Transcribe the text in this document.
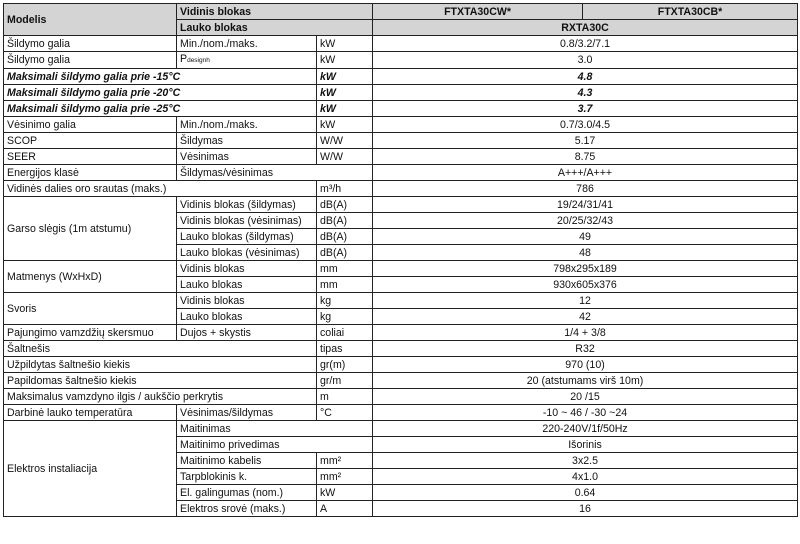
Modelis	Vidinis blokas		FTXTA30CW*	FTXTA30CB*
	Lauko blokas		RXTA30C	
Šildymo galia	Min./nom./maks.	kW	0.8/3.2/7.1	
Šildymo galia	Pdesignh	kW	3.0	
Maksimali šildymo galia prie -15°C		kW	4.8	
Maksimali šildymo galia prie -20°C		kW	4.3	
Maksimali šildymo galia prie -25°C		kW	3.7	
Vėsinimo galia	Min./nom./maks.	kW	0.7/3.0/4.5	
SCOP	Šildymas	W/W	5.17	
SEER	Vėsinimas	W/W	8.75	
Energijos klasė	Šildymas/vėsinimas		A+++/A+++	
Vidinės dalies oro srautas (maks.)		m³/h	786	
Garso slėgis (1m atstumu)	Vidinis blokas (šildymas)	dB(A)	19/24/31/41	
	Vidinis blokas (vėsinimas)	dB(A)	20/25/32/43	
	Lauko blokas (šildymas)	dB(A)	49	
	Lauko blokas (vėsinimas)	dB(A)	48	
Matmenys (WxHxD)	Vidinis blokas	mm	798x295x189	
	Lauko blokas	mm	930x605x376	
Svoris	Vidinis blokas	kg	12	
	Lauko blokas	kg	42	
Pajungimo vamzdžių skersmuo	Dujos + skystis	coliai	1/4 + 3/8	
Šaltnešis		tipas	R32	
Užpildytas šaltnešio kiekis		gr(m)	970 (10)	
Papildomas šaltnešio kiekis		gr/m	20 (atstumams virš 10m)	
Maksimalus vamzdyno ilgis / aukščio perkrytis		m	20 /15	
Darbinė lauko temperatūra	Vėsinimas/šildymas	°C	-10 ~ 46 / -30 ~24	
Elektros instaliacija	Maitinimas		220-240V/1f/50Hz	
	Maitinimo privedimas		Išorinis	
	Maitinimo kabelis	mm²	3x2.5	
	Tarpblokinis k.	mm²	4x1.0	
	El. galingumas (nom.)	kW	0.64	
	Elektros srovė (maks.)	A	16	
